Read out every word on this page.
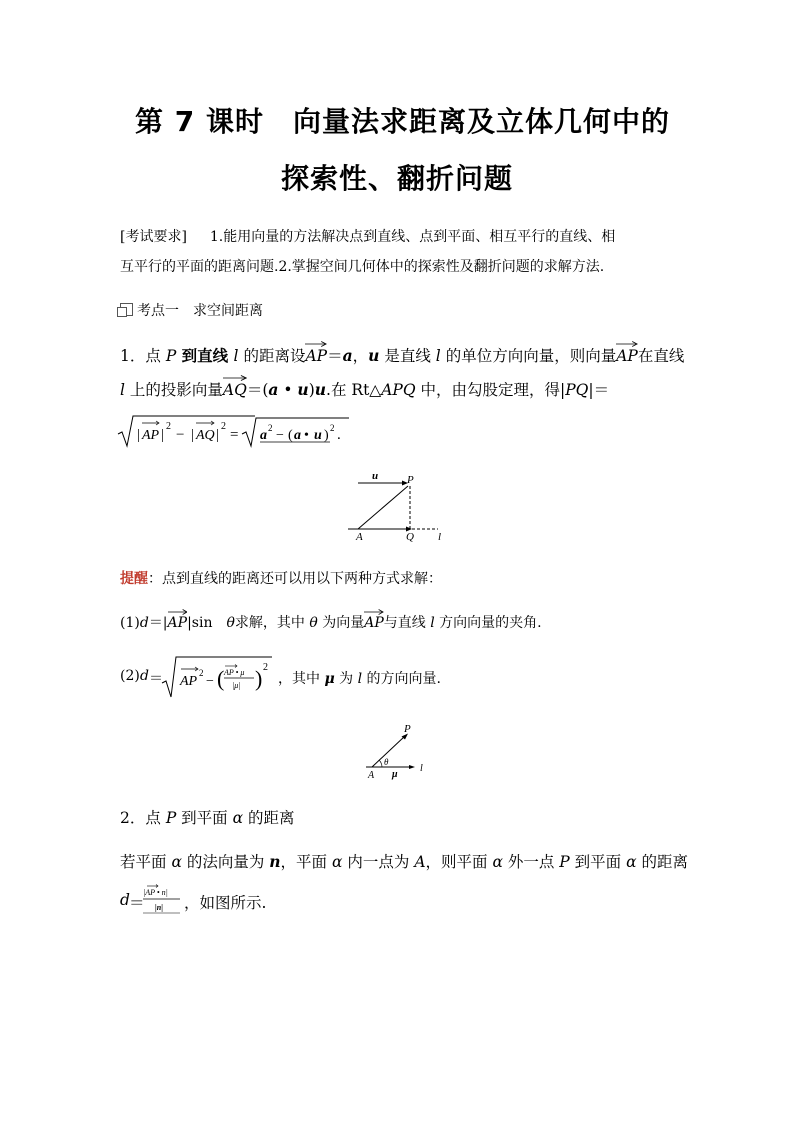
第 7 课时　向量法求距离及立体几何中的
探索性、翻折问题
[考试要求] 1.能用向量的方法解决点到直线、点到平面、相互平行的直线、相
互平行的平面的距离问题.2.掌握空间几何体中的探索性及翻折问题的求解方法.
考点一　求空间距离
1．点 P 到直线 l 的距离设
AP＝a，u 是直线 l 的单位方向向量，则向量
AP在直线
l 上的投影向量
AQ＝(a • u)u.在 Rt△APQ 中，由勾股定理，得|PQ|＝
| AP |
2
− | AQ |
2
= a 2 − ( a • u ) 2 .
u	P
A	Q l
提醒：点到直线的距离还可以用以下两种方式求解：
(1)d＝|
AP|sin　θ求解，其中 θ 为向量
AP与直线 l 方向向量的夹角.
(2) d ＝ AP
2
− ( AP • μ
|μ| ) 2
，其中 μ 为 l 的方向向量.
P
A
θ
μ
l
2．点 P 到平面 α 的距离
若平面 α 的法向量为 n，平面 α 内一点为 A，则平面 α 外一点 P 到平面 α 的距离
d ＝
|AP • n|
|n| ，如图所示.
